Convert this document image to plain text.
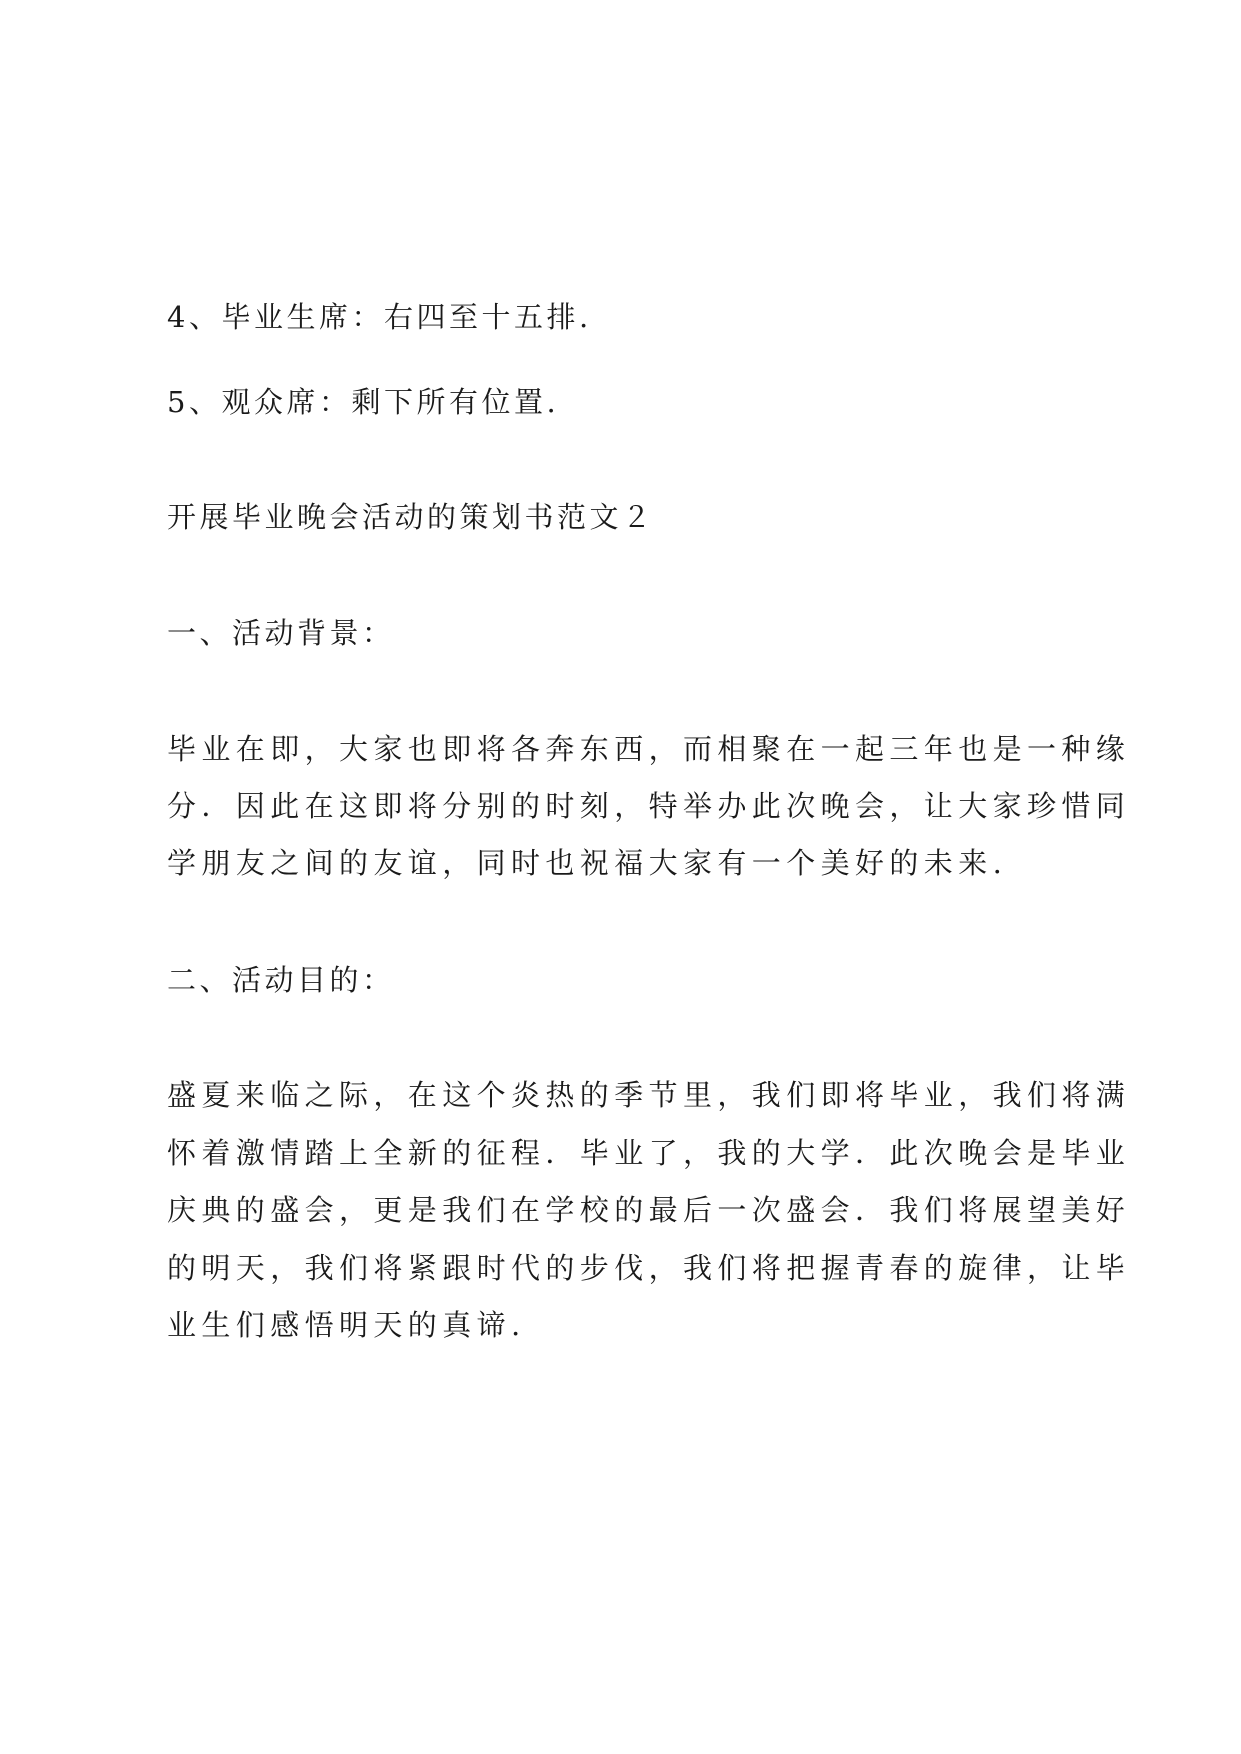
4、毕业生席：右四至十五排.

5、观众席：剩下所有位置.

开展毕业晚会活动的策划书范文２
一、活动背景：

毕业在即，大家也即将各奔东西，而相聚在一起三年也是一种缘

分．因此在这即将分别的时刻，特举办此次晚会，让大家珍惜同

学朋友之间的友谊，同时也祝福大家有一个美好的未来.

二、活动目的：

盛夏来临之际，在这个炎热的季节里，我们即将毕业，我们将满

怀着激情踏上全新的征程．毕业了，我的大学．此次晚会是毕业

庆典的盛会，更是我们在学校的最后一次盛会．我们将展望美好

的明天，我们将紧跟时代的步伐，我们将把握青春的旋律，让毕

业生们感悟明天的真谛.
